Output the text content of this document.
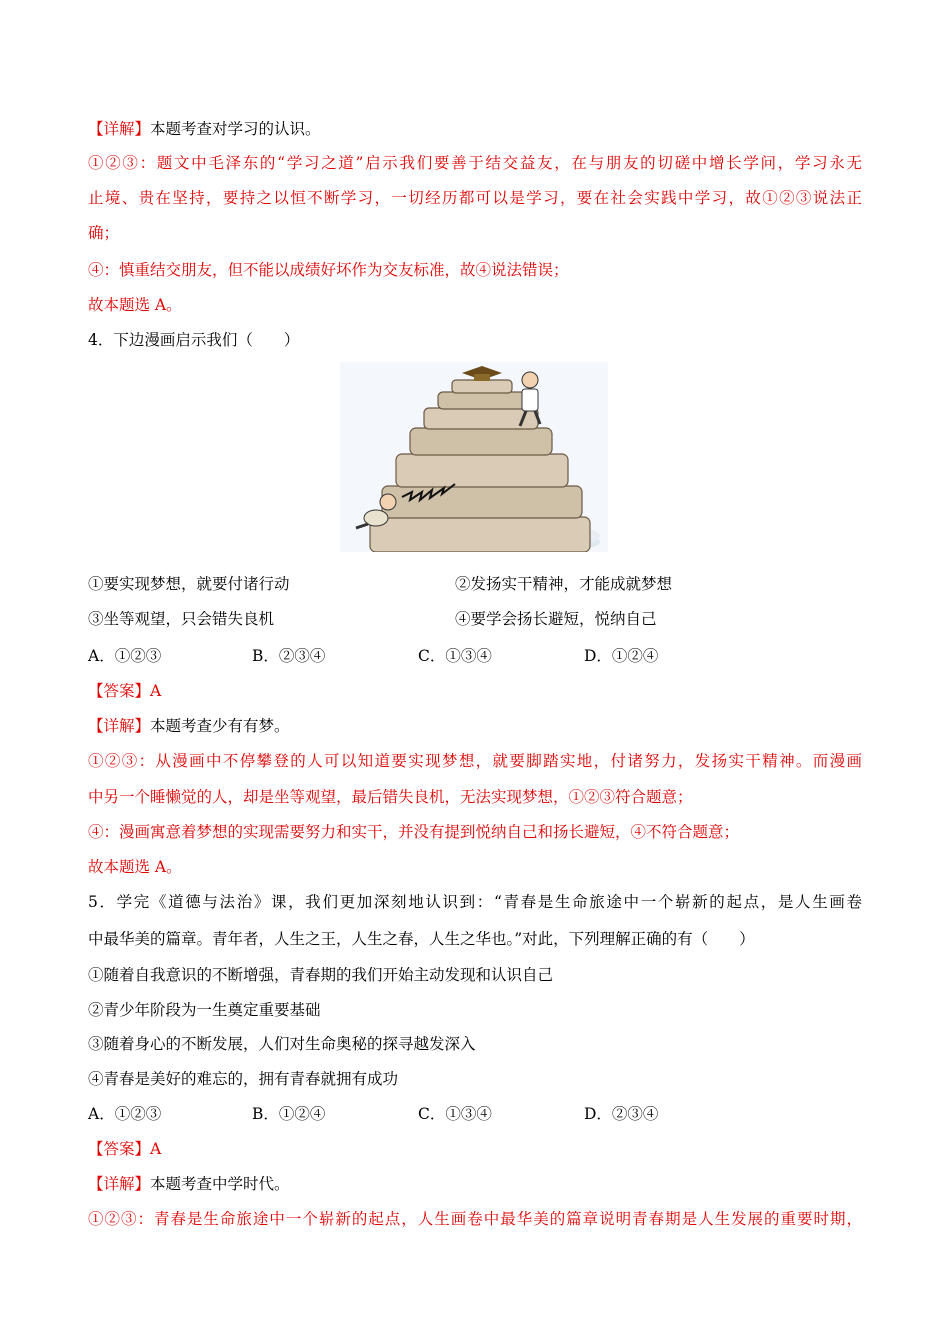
【详解】本题考查对学习的认识。
①②③：题文中毛泽东的“学习之道”启示我们要善于结交益友，在与朋友的切磋中增长学问，学习永无
止境、贵在坚持，要持之以恒不断学习，一切经历都可以是学习，要在社会实践中学习，故①②③说法正
确；
④：慎重结交朋友，但不能以成绩好坏作为交友标准，故④说法错误；
故本题选 A。
4．下边漫画启示我们（　　）
①要实现梦想，就要付诸行动	②发扬实干精神，才能成就梦想
③坐等观望，只会错失良机	④要学会扬长避短，悦纳自己
A．①②③	B．②③④	C．①③④	D．①②④
【答案】A
【详解】本题考查少有有梦。
①②③：从漫画中不停攀登的人可以知道要实现梦想，就要脚踏实地，付诸努力，发扬实干精神。而漫画
中另一个睡懒觉的人，却是坐等观望，最后错失良机，无法实现梦想，①②③符合题意；
④：漫画寓意着梦想的实现需要努力和实干，并没有提到悦纳自己和扬长避短，④不符合题意；
故本题选 A。
5．学完《道德与法治》课，我们更加深刻地认识到：“青春是生命旅途中一个崭新的起点，是人生画卷
中最华美的篇章。青年者，人生之王，人生之春，人生之华也。”对此，下列理解正确的有（　　）
①随着自我意识的不断增强，青春期的我们开始主动发现和认识自己
②青少年阶段为一生奠定重要基础
③随着身心的不断发展，人们对生命奥秘的探寻越发深入
④青春是美好的难忘的，拥有青春就拥有成功
A．①②③	B．①②④	C．①③④	D．②③④
【答案】A
【详解】本题考查中学时代。
①②③：青春是生命旅途中一个崭新的起点，人生画卷中最华美的篇章说明青春期是人生发展的重要时期，
